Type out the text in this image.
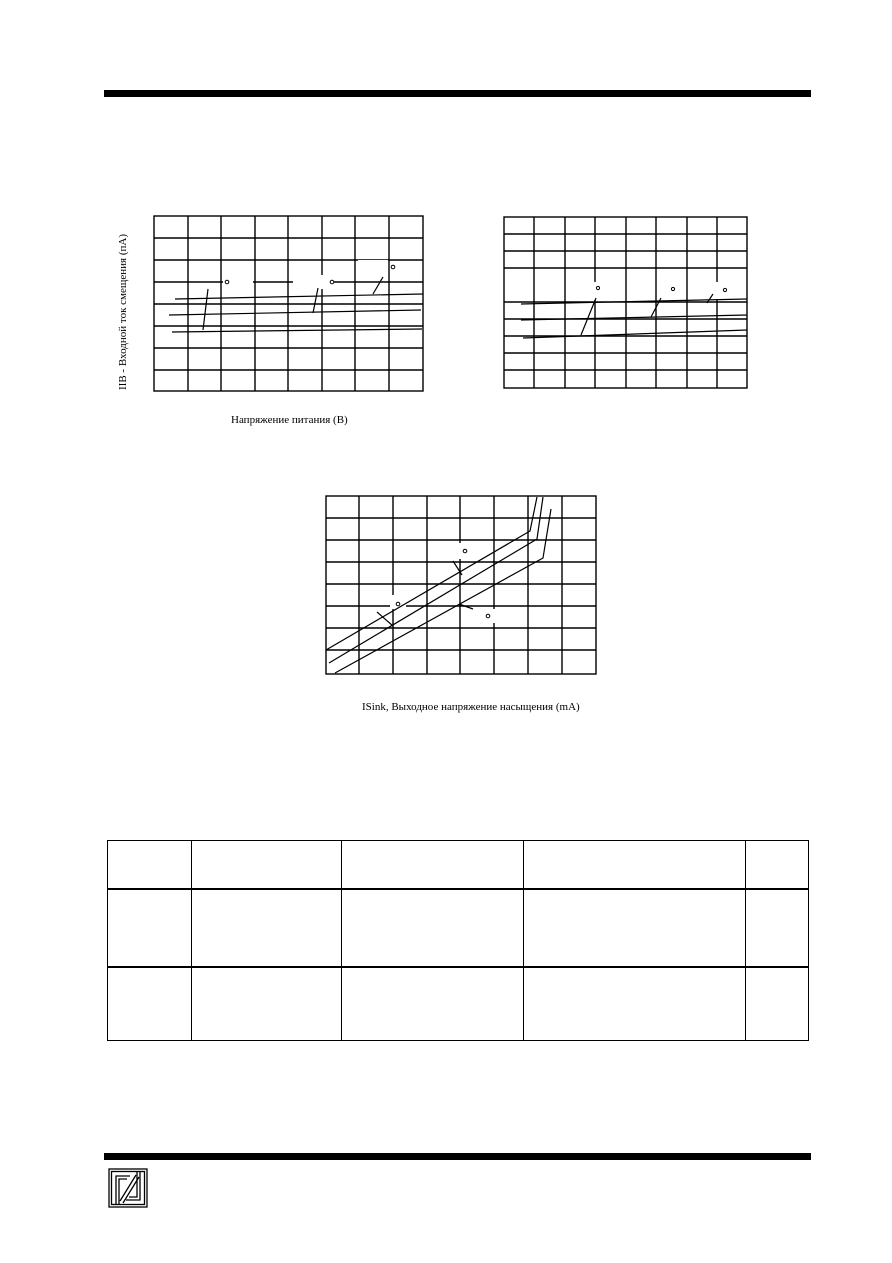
IIB - Входной ток смещения (пА)
Напряжение питания (В)
ISink, Выходное напряжение насыщения (mA)
